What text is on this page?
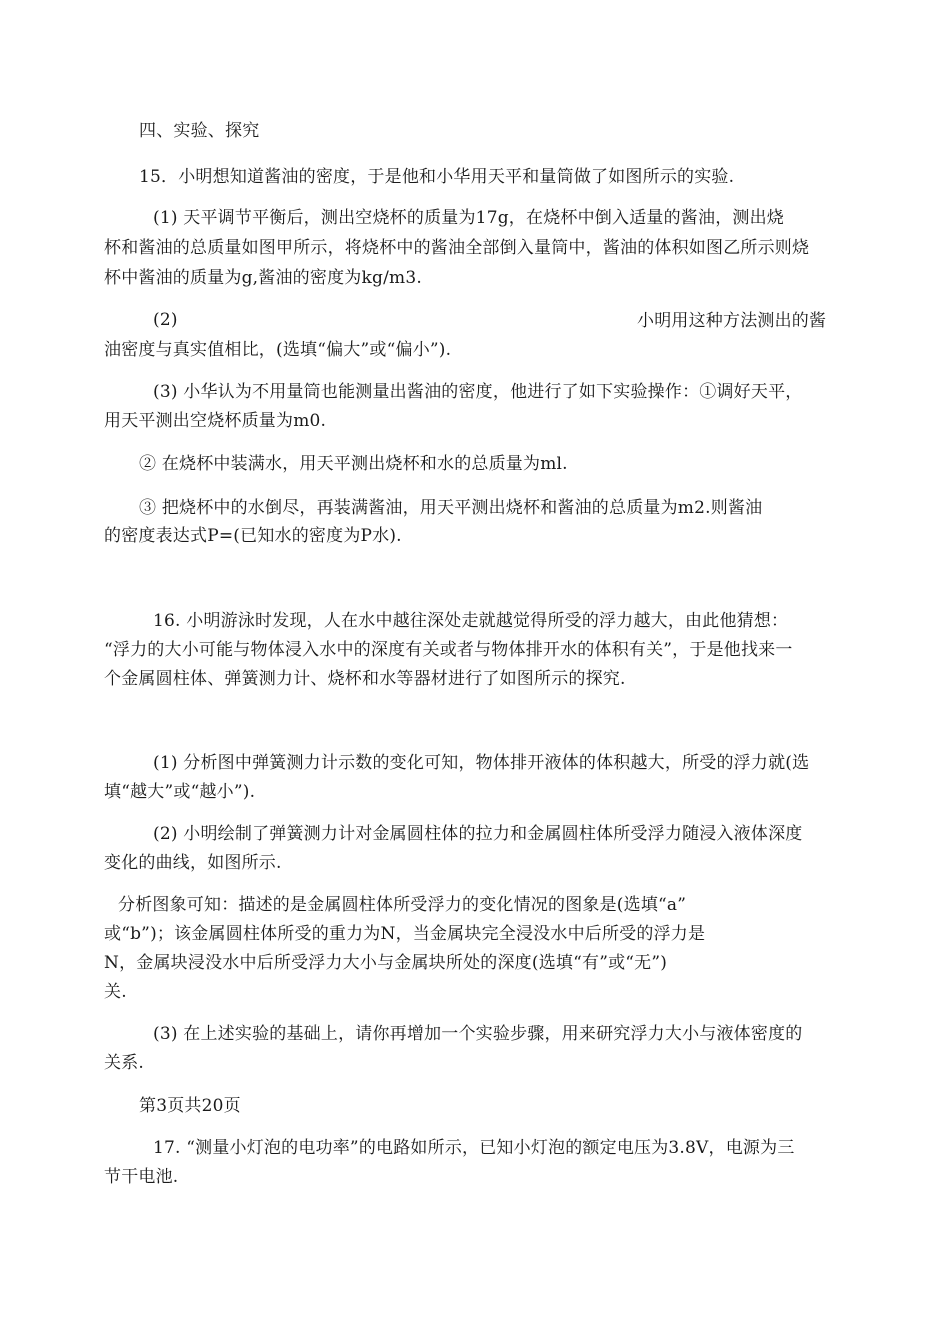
四、实验、探究
15．小明想知道酱油的密度，于是他和小华用天平和量筒做了如图所示的实验.
(1) 天平调节平衡后，测出空烧杯的质量为17g，在烧杯中倒入适量的酱油，测出烧
杯和酱油的总质量如图甲所示，将烧杯中的酱油全部倒入量筒中，酱油的体积如图乙所示则烧
杯中酱油的质量为g,酱油的密度为kg/m3.
(2)	小明用这种方法测出的酱
油密度与真实值相比，(选填“偏大”或“偏小”).
(3) 小华认为不用量筒也能测量出酱油的密度，他进行了如下实验操作：①调好天平，
用天平测出空烧杯质量为m0.
② 在烧杯中装满水，用天平测出烧杯和水的总质量为ml.
③ 把烧杯中的水倒尽，再装满酱油，用天平测出烧杯和酱油的总质量为m2.则酱油
的密度表达式P=(已知水的密度为P水).
16. 小明游泳时发现，人在水中越往深处走就越觉得所受的浮力越大，由此他猜想：
“浮力的大小可能与物体浸入水中的深度有关或者与物体排开水的体积有关”，于是他找来一
个金属圆柱体、弹簧测力计、烧杯和水等器材进行了如图所示的探究.
(1) 分析图中弹簧测力计示数的变化可知，物体排开液体的体积越大，所受的浮力就(选
填“越大”或“越小”).
(2) 小明绘制了弹簧测力计对金属圆柱体的拉力和金属圆柱体所受浮力随浸入液体深度
变化的曲线，如图所示.
分析图象可知：描述的是金属圆柱体所受浮力的变化情况的图象是(选填“a”
或“b”)；该金属圆柱体所受的重力为N，当金属块完全浸没水中后所受的浮力是
N，金属块浸没水中后所受浮力大小与金属块所处的深度(选填“有”或“无”)
关.
(3) 在上述实验的基础上，请你再增加一个实验步骤，用来研究浮力大小与液体密度的
关系.
第3页共20页
17. “测量小灯泡的电功率”的电路如所示，已知小灯泡的额定电压为3.8V，电源为三
节干电池.
